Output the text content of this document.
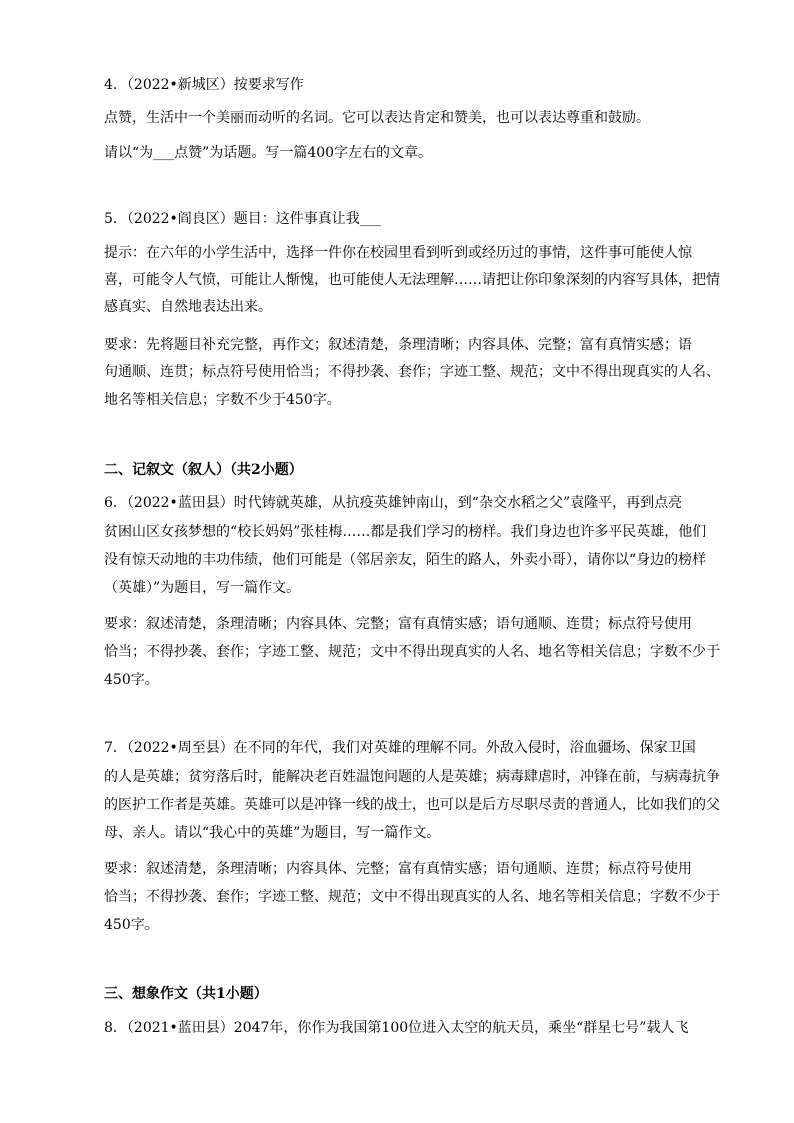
4．（2022•新城区）按要求写作
点赞，生活中一个美丽而动听的名词。它可以表达肯定和赞美，也可以表达尊重和鼓励。
请以“为___点赞”为话题。写一篇400字左右的文章。
5．（2022•阎良区）题目：这件事真让我___
提示：在六年的小学生活中，选择一件你在校园里看到听到或经历过的事情，这件事可能使人惊
喜，可能令人气愤，可能让人惭愧，也可能使人无法理解……请把让你印象深刻的内容写具体，把情
感真实、自然地表达出来。
要求：先将题目补充完整，再作文；叙述清楚，条理清晰；内容具体、完整；富有真情实感；语
句通顺、连贯；标点符号使用恰当；不得抄袭、套作；字迹工整、规范；文中不得出现真实的人名、
地名等相关信息；字数不少于450字。
二、记叙文（叙人）（共2小题）
6．（2022•蓝田县）时代铸就英雄，从抗疫英雄钟南山，到“杂交水稻之父”袁隆平，再到点亮
贫困山区女孩梦想的“校长妈妈”张桂梅……都是我们学习的榜样。我们身边也许多平民英雄，他们
没有惊天动地的丰功伟绩，他们可能是（邻居亲友，陌生的路人，外卖小哥），请你以“身边的榜样
（英雄）”为题目，写一篇作文。
要求：叙述清楚，条理清晰；内容具体、完整；富有真情实感；语句通顺、连贯；标点符号使用
恰当；不得抄袭、套作；字迹工整、规范；文中不得出现真实的人名、地名等相关信息；字数不少于
450字。
7．（2022•周至县）在不同的年代，我们对英雄的理解不同。外敌入侵时，浴血疆场、保家卫国
的人是英雄；贫穷落后时，能解决老百姓温饱问题的人是英雄；病毒肆虐时，冲锋在前，与病毒抗争
的医护工作者是英雄。英雄可以是冲锋一线的战士，也可以是后方尽职尽责的普通人，比如我们的父
母、亲人。请以“我心中的英雄”为题目，写一篇作文。
要求：叙述清楚，条理清晰；内容具体、完整；富有真情实感；语句通顺、连贯；标点符号使用
恰当；不得抄袭、套作；字迹工整、规范；文中不得出现真实的人名、地名等相关信息；字数不少于
450字。
三、想象作文（共1小题）
8．（2021•蓝田县）2047年，你作为我国第100位进入太空的航天员，乘坐“群星七号”载人飞
